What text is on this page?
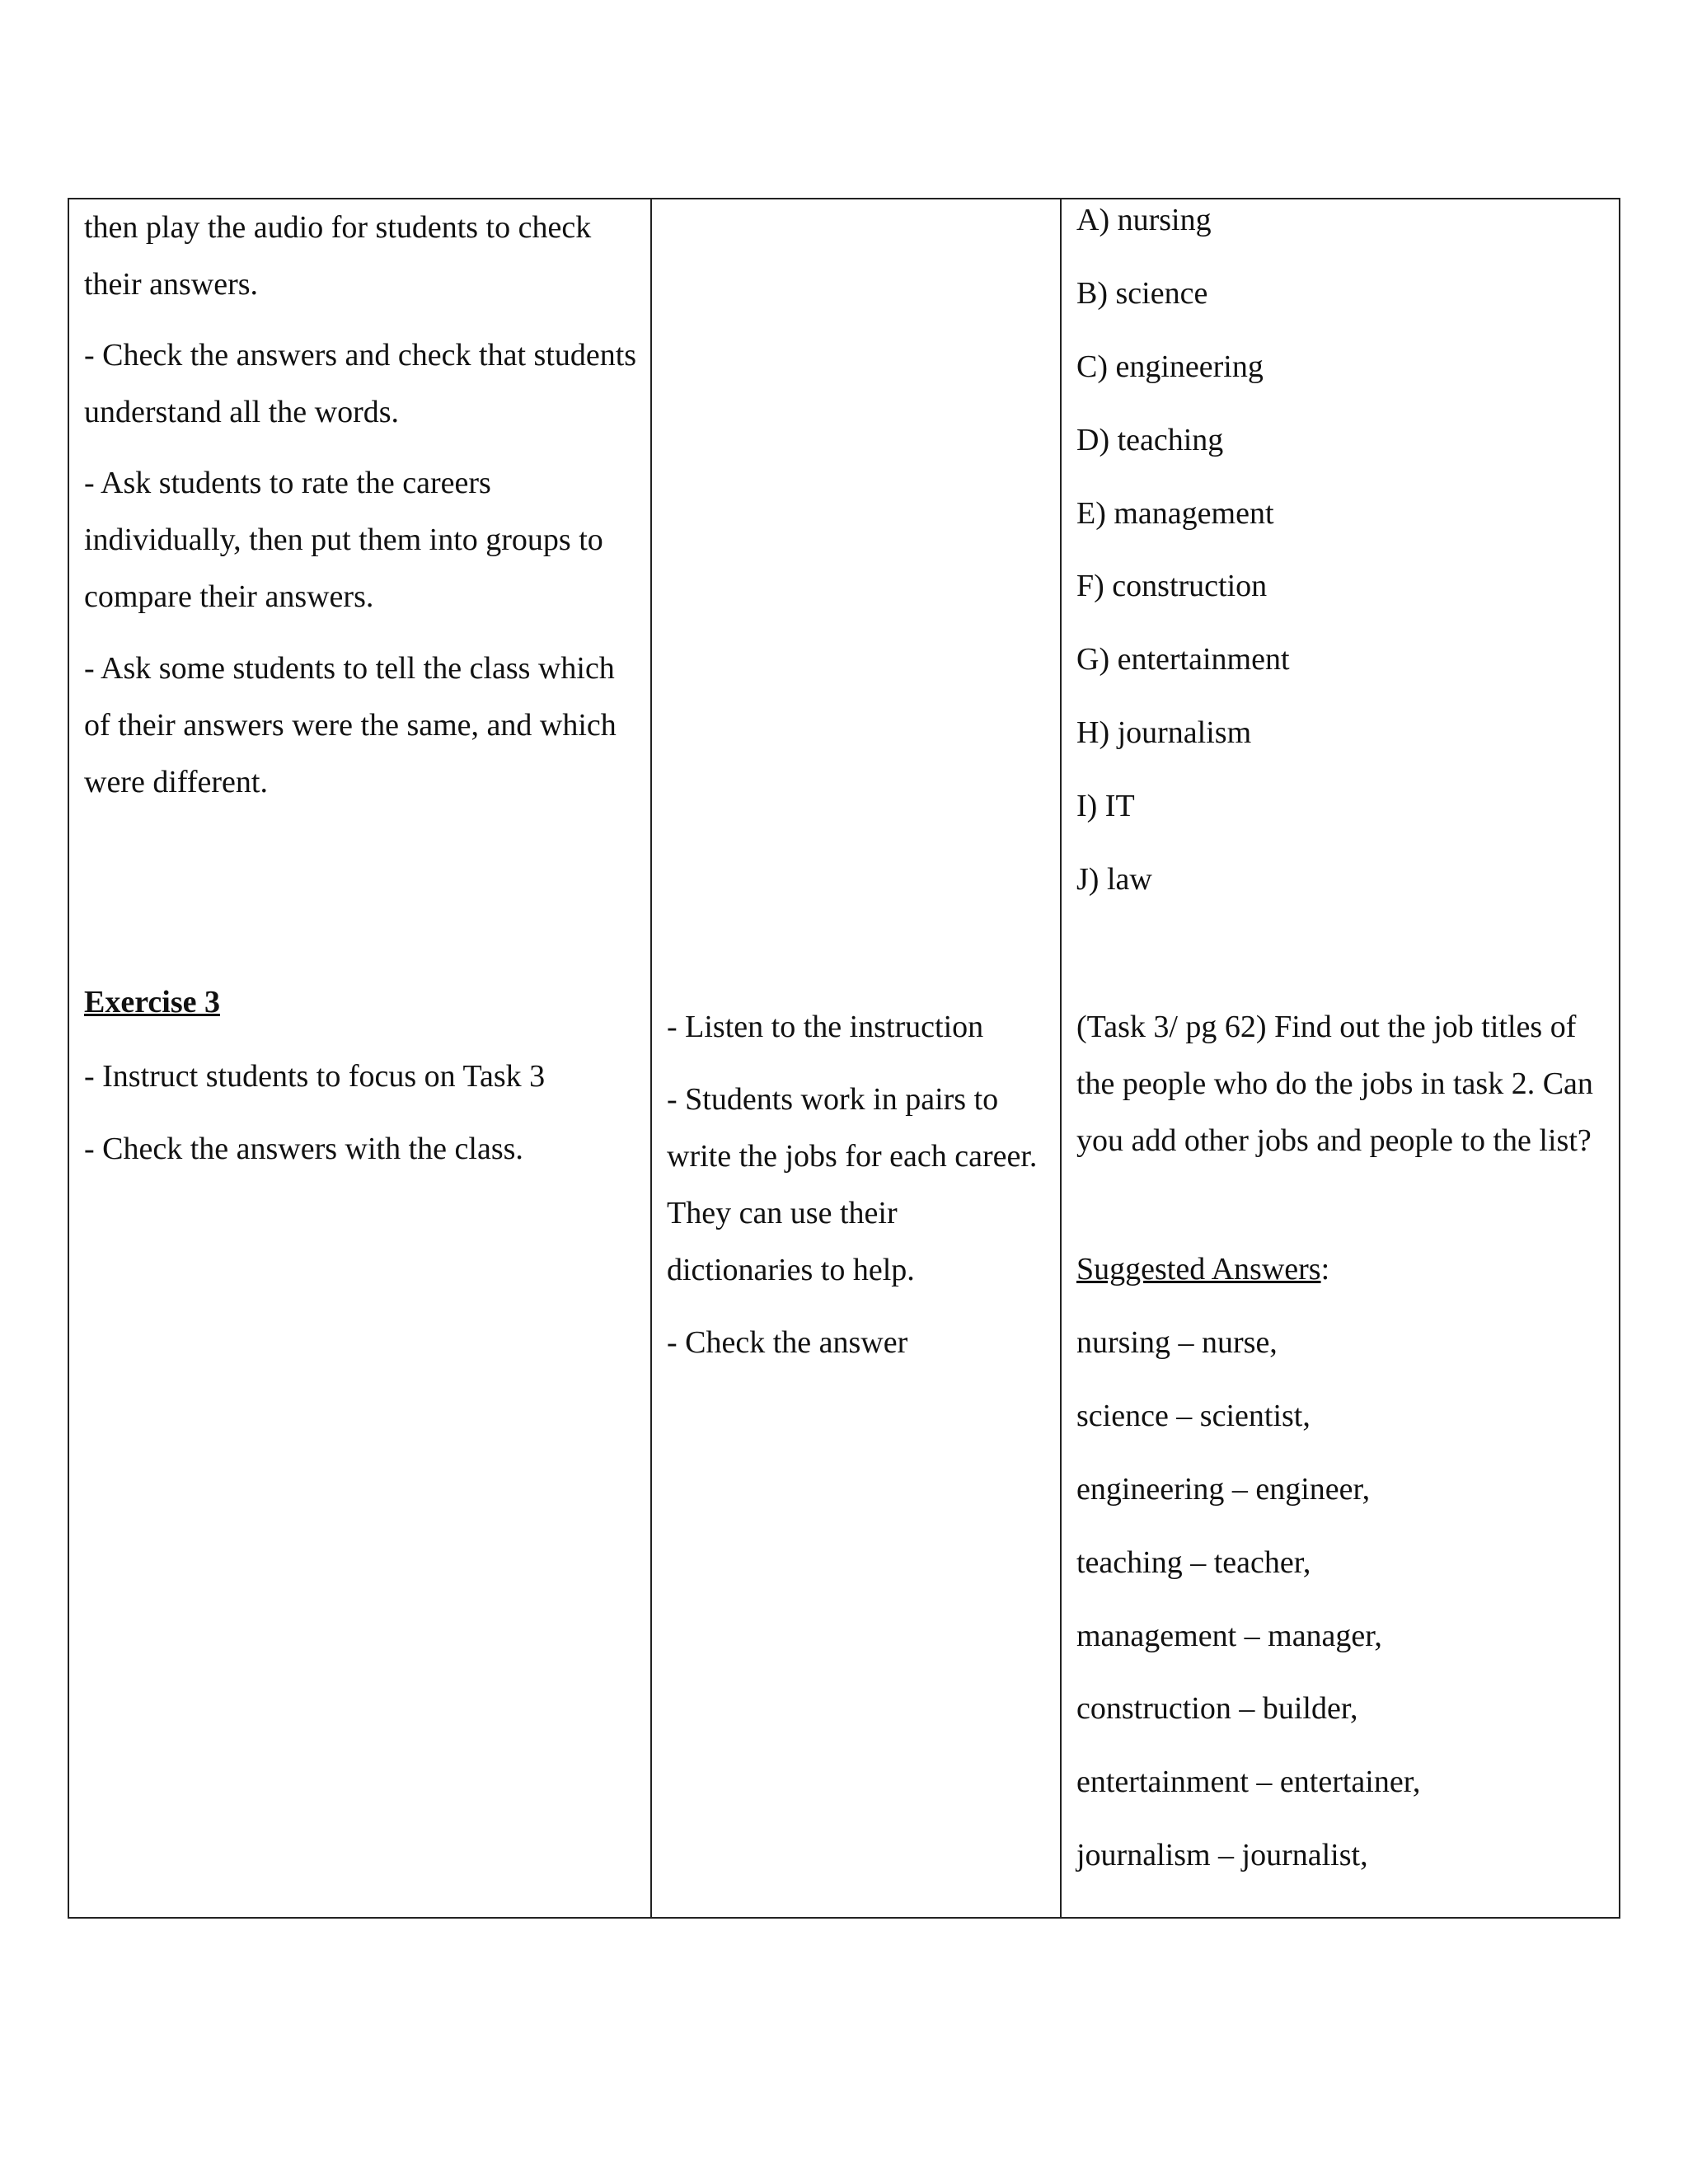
then play the audio for students to check their answers.

- Check the answers and check that students understand all the words.

- Ask students to rate the careers individually, then put them into groups to compare their answers.

- Ask some students to tell the class which of their answers were the same, and which were different.

Exercise 3

- Instruct students to focus on Task 3

- Check the answers with the class.

- Listen to the instruction

- Students work in pairs to write the jobs for each career. They can use their dictionaries to help.

- Check the answer

A) nursing
B) science
C) engineering
D) teaching
E) management
F) construction
G) entertainment
H) journalism
I) IT
J) law

(Task 3/ pg 62) Find out the job titles of the people who do the jobs in task 2. Can you add other jobs and people to the list?

Suggested Answers:
nursing – nurse,
science – scientist,
engineering – engineer,
teaching – teacher,
management – manager,
construction – builder,
entertainment – entertainer,
journalism – journalist,
